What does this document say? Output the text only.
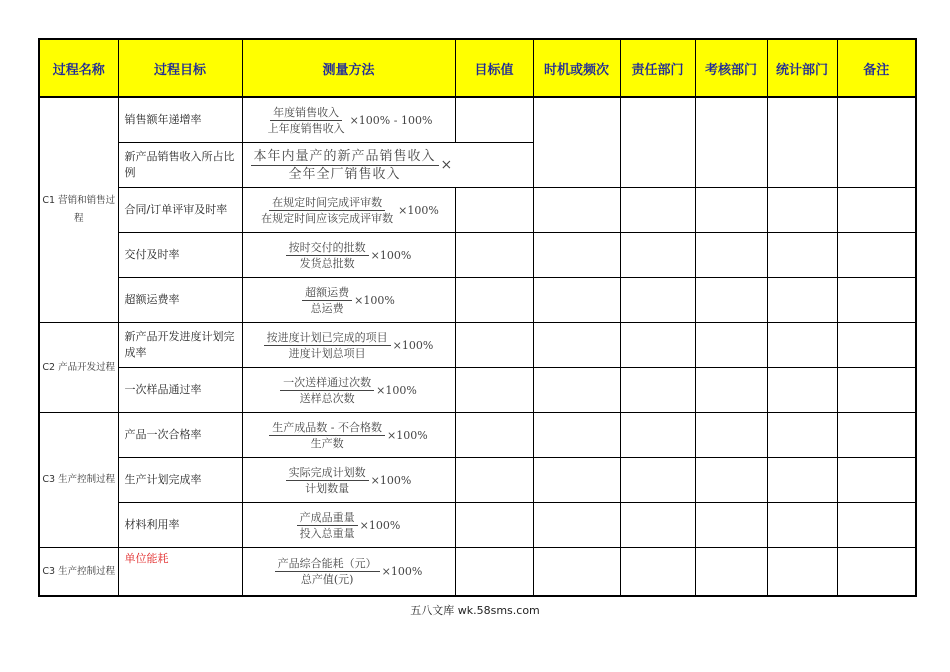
过程名称	过程目标	测量方法	目标值	时机或频次	责任部门	考核部门	统计部门	备注
C1 营销和销售过程	销售额年递增率	$\frac{\text{年度销售收入}}{\text{上年度销售收入}} \times 100\% - 100\%$						

	新产品销售收入所占比例	$\frac{\text{本年内量产的新产品销售收入}}{\text{全年全厂销售收入}}$ ×						

	合同/订单评审及时率	$\frac{\text{在规定时间完成评审数}}{\text{在规定时间应该完成评审数}} \times 100\%$						

	交付及时率	$\frac{\text{按时交付的批数}}{\text{发货总批数}} \times 100\%$						

	超额运费率	$\frac{\text{超额运费}}{\text{总运费}} \times 100\%$						

C2 产品开发过程	新产品开发进度计划完成率	$\frac{\text{按进度计划已完成的项目}}{\text{进度计划总项目}} \times 100\%$						

	一次样品通过率	$\frac{\text{一次送样通过次数}}{\text{送样总次数}} \times 100\%$						

C3 生产控制过程	产品一次合格率	$\frac{\text{生产成品数 - 不合格数}}{\text{生产数}} \times 100\%$						

	生产计划完成率	$\frac{\text{实际完成计划数}}{\text{计划数量}} \times 100\%$						

	材料利用率	$\frac{\text{产成品重量}}{\text{投入总重量}} \times 100\%$						

C3 生产控制过程	单位能耗	$\frac{\text{产品综合能耗（元）}}{\text{总产值(元)}} \times 100\%$						

五八文库 wk.58sms.com
